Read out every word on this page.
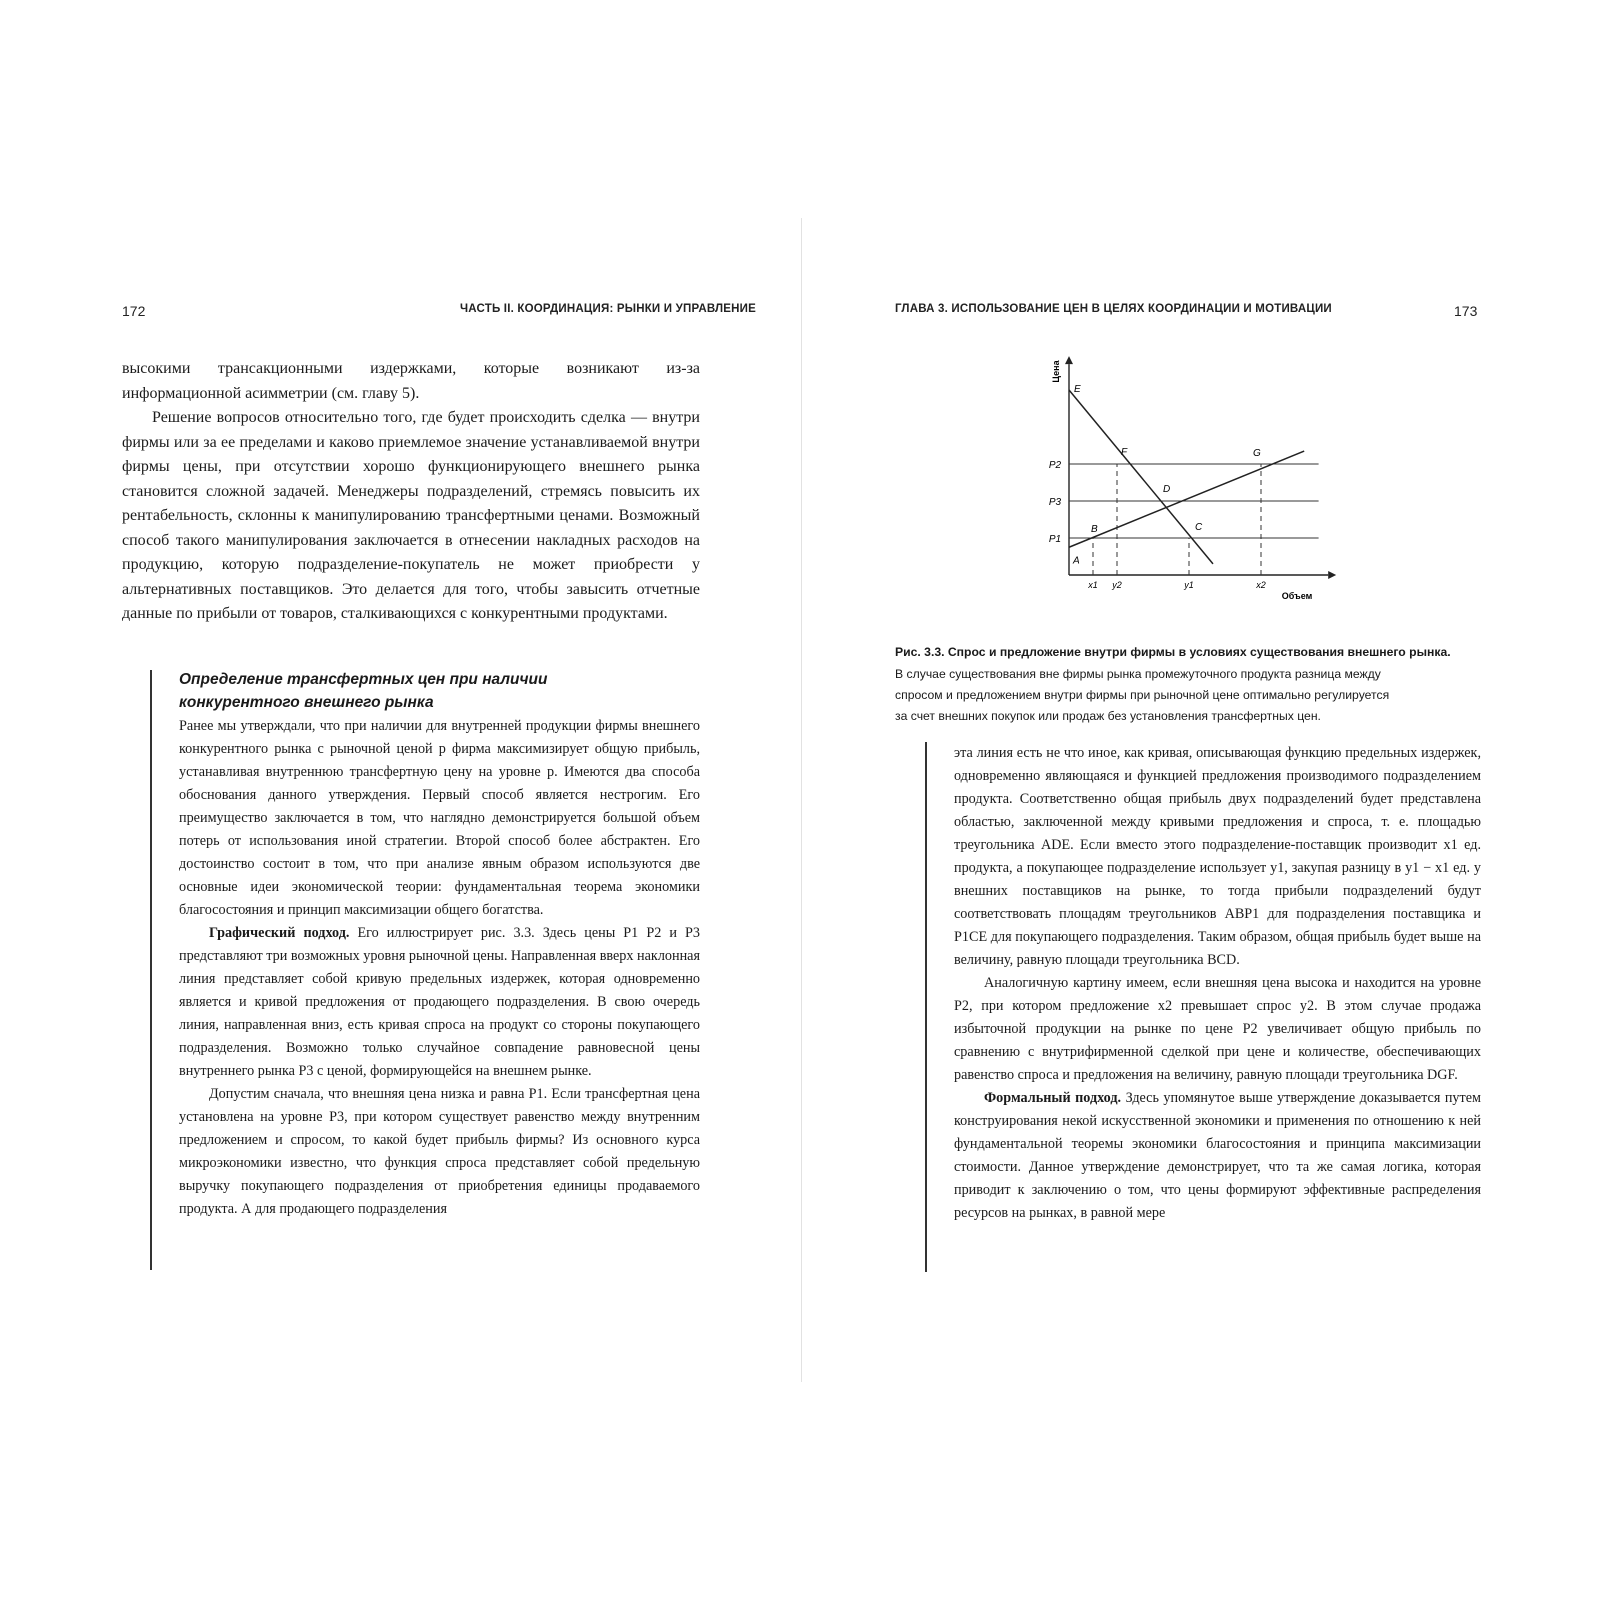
172	ЧАСТЬ II. КООРДИНАЦИЯ: РЫНКИ И УПРАВЛЕНИЕ

высокими трансакционными издержками, которые возникают из-за информационной асимметрии (см. главу 5).

Решение вопросов относительно того, где будет происходить сделка — внутри фирмы или за ее пределами и каково приемлемое значение устанавливаемой внутри фирмы цены, при отсутствии хорошо функционирующего внешнего рынка становится сложной задачей. Менеджеры подразделений, стремясь повысить их рентабельность, склонны к манипулированию трансфертными ценами. Возможный способ такого манипулирования заключается в отнесении накладных расходов на продукцию, которую подразделение-покупатель не может приобрести у альтернативных поставщиков. Это делается для того, чтобы завысить отчетные данные по прибыли от товаров, сталкивающихся с конкурентными продуктами.

Определение трансфертных цен при наличии конкурентного внешнего рынка

Ранее мы утверждали, что при наличии для внутренней продукции фирмы внешнего конкурентного рынка с рыночной ценой p фирма максимизирует общую прибыль, устанавливая внутреннюю трансфертную цену на уровне p. Имеются два способа обоснования данного утверждения. Первый способ является нестрогим. Его преимущество заключается в том, что наглядно демонстрируется большой объем потерь от использования иной стратегии. Второй способ более абстрактен. Его достоинство состоит в том, что при анализе явным образом используются две основные идеи экономической теории: фундаментальная теорема экономики благосостояния и принцип максимизации общего богатства.

Графический подход. Его иллюстрирует рис. 3.3. Здесь цены P1 P2 и P3 представляют три возможных уровня рыночной цены. Направленная вверх наклонная линия представляет собой кривую предельных издержек, которая одновременно является и кривой предложения от продающего подразделения. В свою очередь линия, направленная вниз, есть кривая спроса на продукт со стороны покупающего подразделения. Возможно только случайное совпадение равновесной цены внутреннего рынка P3 с ценой, формирующейся на внешнем рынке.

Допустим сначала, что внешняя цена низка и равна P1. Если трансфертная цена установлена на уровне P3, при котором существует равенство между внутренним предложением и спросом, то какой будет прибыль фирмы? Из основного курса микроэкономики известно, что функция спроса представляет собой предельную выручку покупающего подразделения от приобретения единицы продаваемого продукта. А для продающего подразделения

ГЛАВА 3. ИСПОЛЬЗОВАНИЕ ЦЕН В ЦЕЛЯХ КООРДИНАЦИИ И МОТИВАЦИИ	173
Цена
Объем
P1
P3
P2
x1 y2	y1	x2
E
F
D
C
A
B
G
Рис. 3.3. Спрос и предложение внутри фирмы в условиях существования внешнего рынка.
В случае существования вне фирмы рынка промежуточного продукта разница между
спросом и предложением внутри фирмы при рыночной цене оптимально регулируется
за счет внешних покупок или продаж без установления трансфертных цен.

эта линия есть не что иное, как кривая, описывающая функцию предельных издержек, одновременно являющаяся и функцией предложения производимого подразделением продукта. Соответственно общая прибыль двух подразделений будет представлена областью, заключенной между кривыми предложения и спроса, т. е. площадью треугольника ADE. Если вместо этого подразделение-поставщик производит x1 ед. продукта, а покупающее подразделение использует y1, закупая разницу в y1 − x1 ед. у внешних поставщиков на рынке, то тогда прибыли подразделений будут соответствовать площадям треугольников ABP1 для подразделения поставщика и P1CE для покупающего подразделения. Таким образом, общая прибыль будет выше на величину, равную площади треугольника BCD.

Аналогичную картину имеем, если внешняя цена высока и находится на уровне P2, при котором предложение x2 превышает спрос y2. В этом случае продажа избыточной продукции на рынке по цене P2 увеличивает общую прибыль по сравнению с внутрифирменной сделкой при цене и количестве, обеспечивающих равенство спроса и предложения на величину, равную площади треугольника DGF.

Формальный подход. Здесь упомянутое выше утверждение доказывается путем конструирования некой искусственной экономики и применения по отношению к ней фундаментальной теоремы экономики благосостояния и принципа максимизации стоимости. Данное утверждение демонстрирует, что та же самая логика, которая приводит к заключению о том, что цены формируют эффективные распределения ресурсов на рынках, в равной мере
